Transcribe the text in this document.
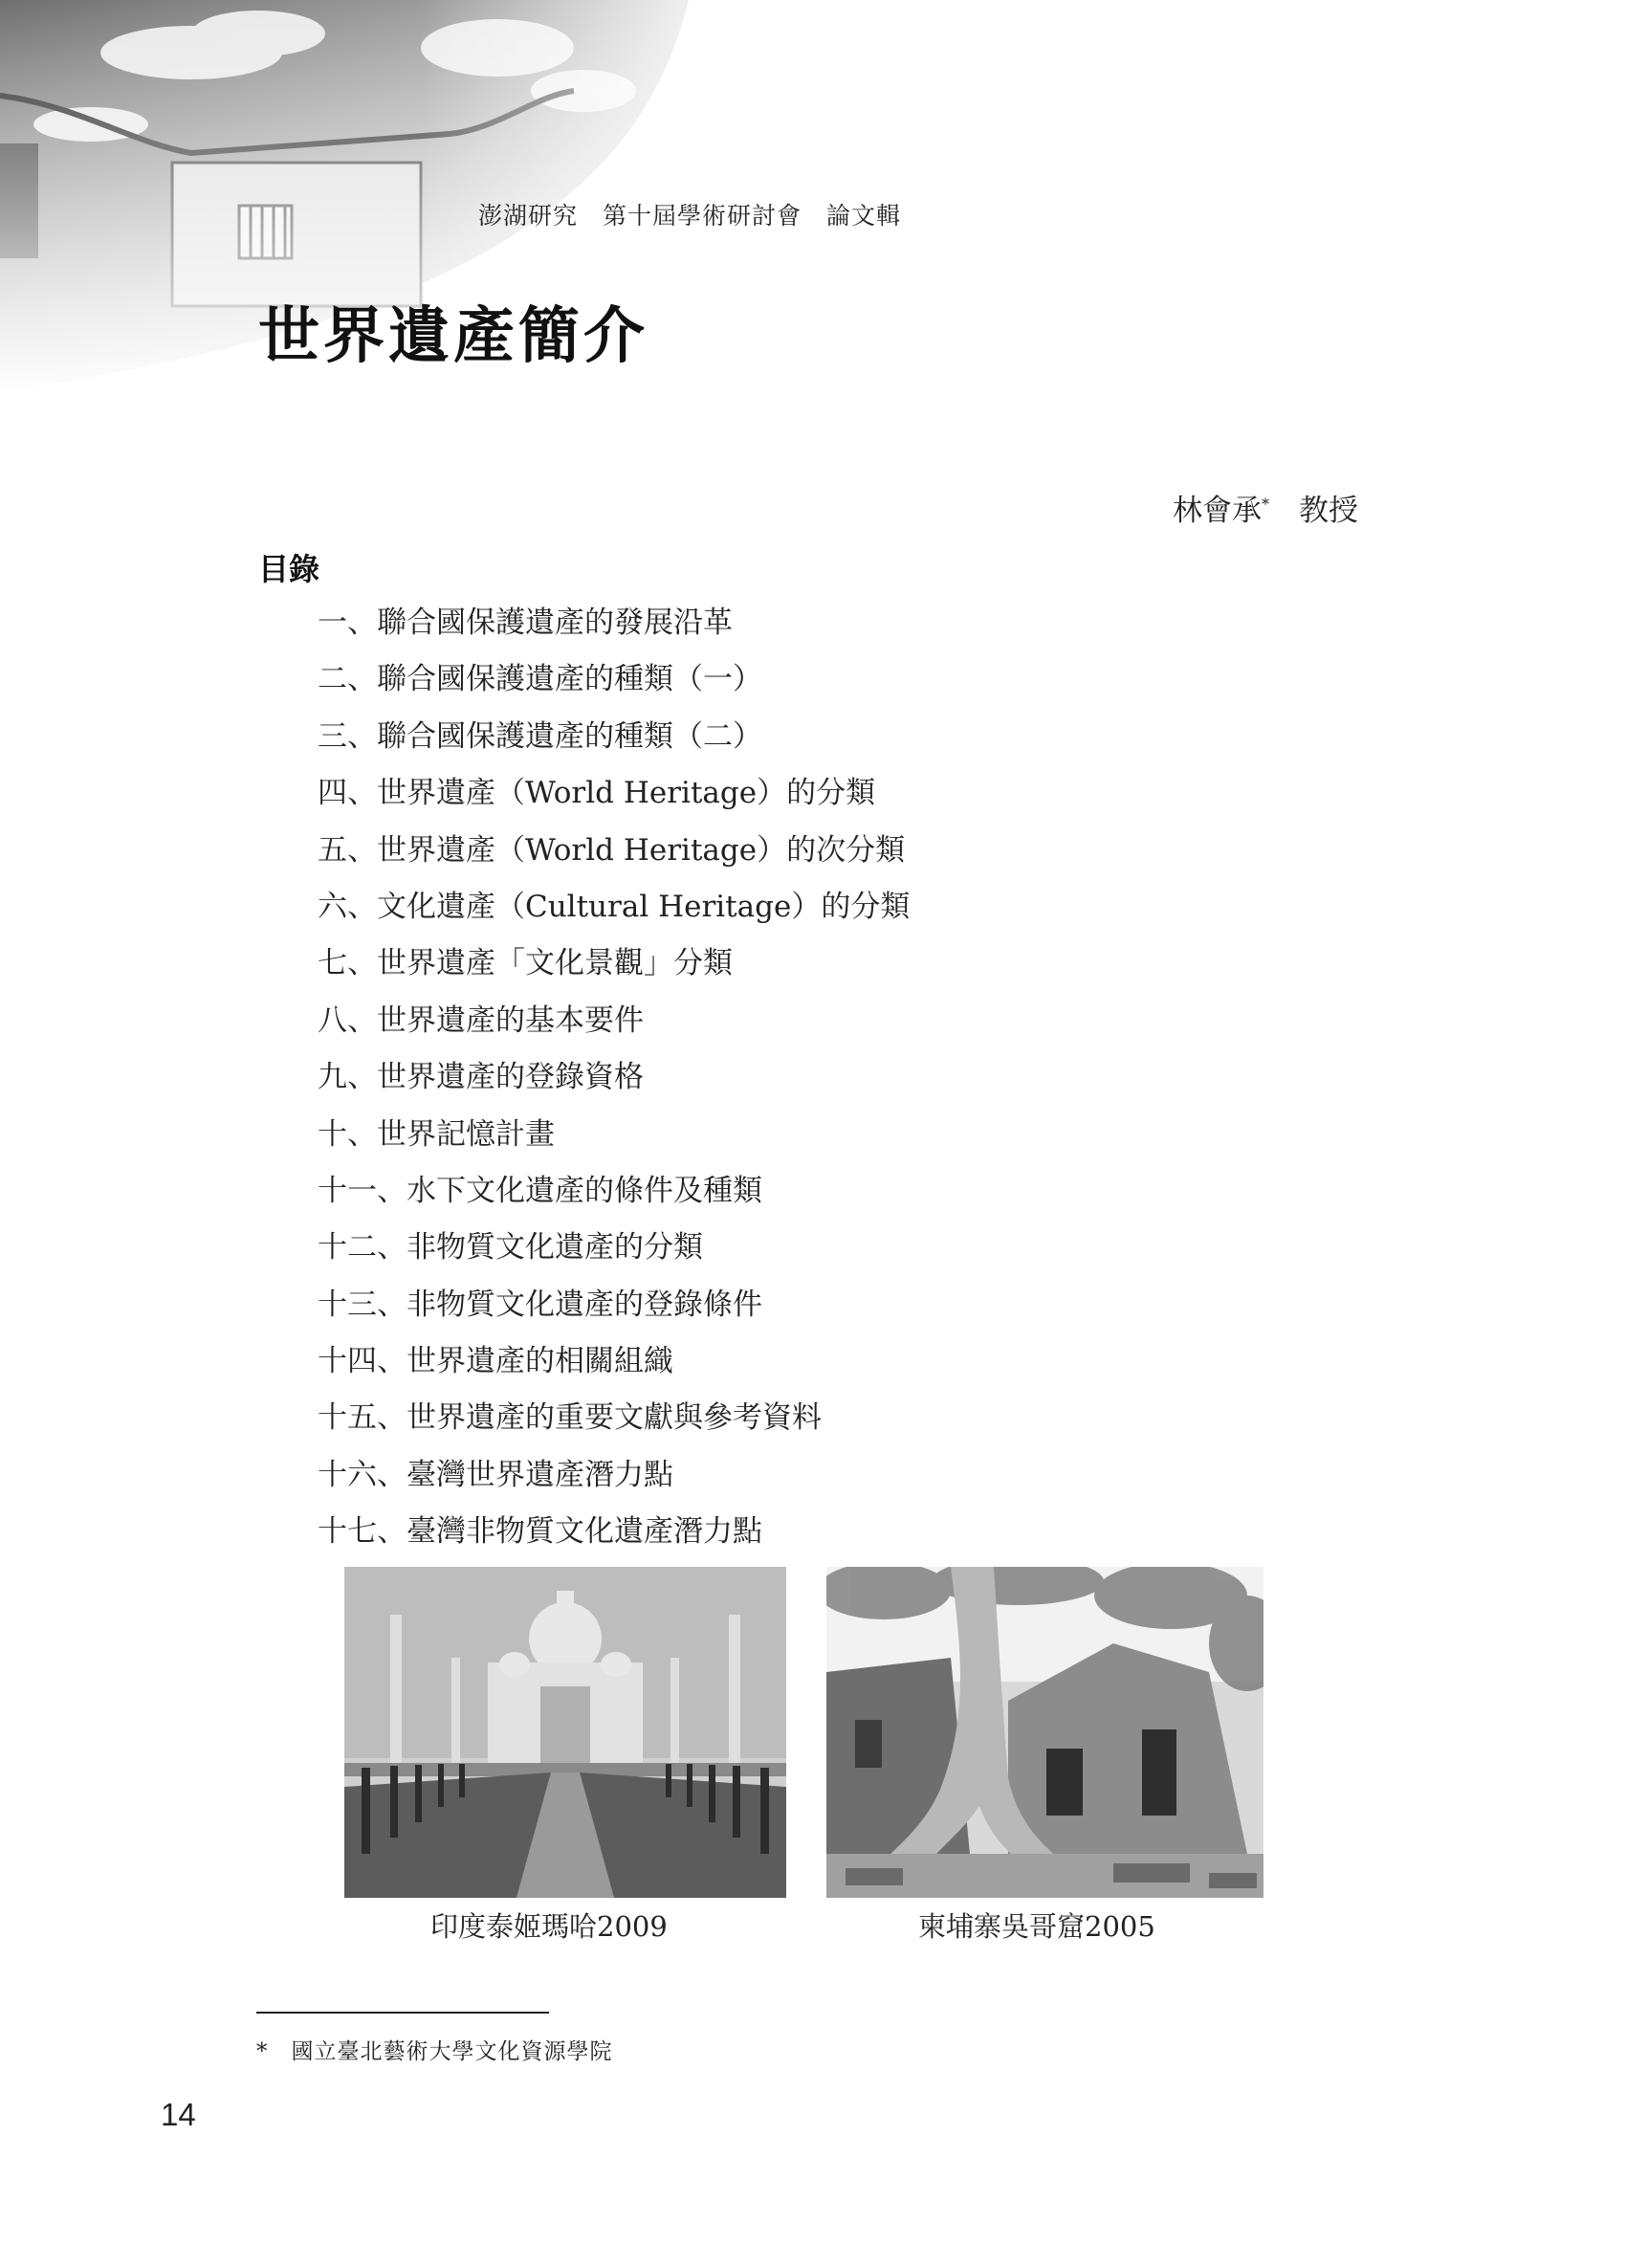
澎湖研究　第十屆學術研討會　論文輯
世界遺產簡介
林會承*　 教授
目錄
一、聯合國保護遺產的發展沿革
二、聯合國保護遺產的種類（一）
三、聯合國保護遺產的種類（二）
四、世界遺產（World Heritage）的分類
五、世界遺產（World Heritage）的次分類
六、文化遺產（Cultural Heritage）的分類
七、世界遺產「文化景觀」分類
八、世界遺產的基本要件
九、世界遺產的登錄資格
十、世界記憶計畫
十一、水下文化遺產的條件及種類
十二、非物質文化遺產的分類
十三、非物質文化遺產的登錄條件
十四、世界遺產的相關組織
十五、世界遺產的重要文獻與參考資料
十六、臺灣世界遺產潛力點
十七、臺灣非物質文化遺產潛力點
印度泰姬瑪哈2009	柬埔寨吳哥窟2005
* 國立臺北藝術大學文化資源學院
14
